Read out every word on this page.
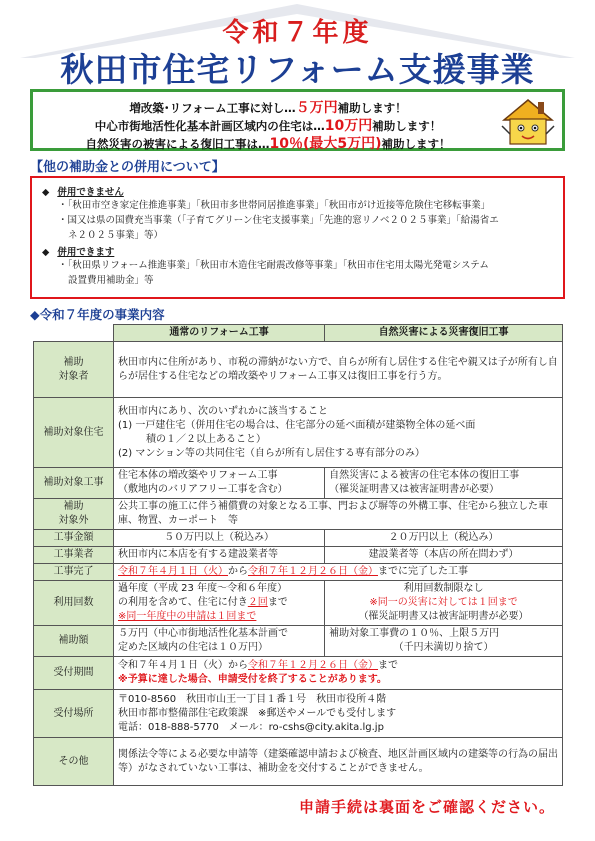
令和７年度
秋田市住宅リフォーム支援事業
増改築･リフォーム工事に対し…５万円補助します！
中心市街地活性化基本計画区域内の住宅は…10万円補助します！
自然災害の被害による復旧工事は…10％(最大5万円)補助します！
【他の補助金との併用について】
◆ 併用できません
・「秋田市空き家定住推進事業」「秋田市多世帯同居推進事業」「秋田市がけ近接等危険住宅移転事業」
・国又は県の国費充当事業（「子育てグリーン住宅支援事業」「先進的窓リノベ２０２５事業」「給湯省エ
ネ２０２５事業」等）
◆ 併用できます
・「秋田県リフォーム推進事業」「秋田市木造住宅耐震改修等事業」「秋田市住宅用太陽光発電システム
設置費用補助金」等
◆令和７年度の事業内容
	通常のリフォーム工事	自然災害による災害復旧工事
補助
対象者	秋田市内に住所があり、市税の滞納がない方で、自らが所有し居住する住宅や親又は子が所有し自らが居住する住宅などの増改築やリフォーム工事又は復旧工事を行う方。	
補助対象住宅	秋田市内にあり、次のいずれかに該当すること
(1) 一戸建住宅（併用住宅の場合は、住宅部分の延べ面積が建築物全体の延べ面

積の１／２以上あること）
(2) マンション等の共同住宅（自らが所有し居住する専有部分のみ）	
補助対象工事	住宅本体の増改築やリフォーム工事
（敷地内のバリアフリー工事を含む）	自然災害による被害の住宅本体の復旧工事
（罹災証明書又は被害証明書が必要）
補助
対象外	公共工事の施工に伴う補償費の対象となる工事、門および塀等の外構工事、住宅から独立した車庫、物置、カーポート　等	
工事金額	５０万円以上（税込み）	２０万円以上（税込み）
工事業者	秋田市内に本店を有する建設業者等	建設業者等（本店の所在問わず）
工事完了	令和７年４月１日（火）から令和７年１２月２６日（金）までに完了した工事	
利用回数	過年度（平成 23 年度～令和６年度）
の利用を含めて、住宅に付き２回まで
※同一年度中の申請は１回まで	利用回数制限なし
※同一の災害に対しては１回まで
（罹災証明書又は被害証明書が必要）
補助額	５万円（中心市街地活性化基本計画で
定めた区域内の住宅は１０万円）	補助対象工事費の１０％、上限５万円

（千円未満切り捨て）

受付期間	令和７年４月１日（火）から令和７年１２月２６日（金）まで
※予算に達した場合、申請受付を終了することがあります。	
受付場所	〒010-8560　秋田市山王一丁目１番１号　秋田市役所４階
秋田市都市整備部住宅政策課　※郵送やメールでも受付します
電話：018-888-5770　メール：ro-cshs@city.akita.lg.jp	
その他	関係法令等による必要な申請等（建築確認申請および検査、地区計画区域内の建築等の行為の届出等）がなされていない工事は、補助金を交付することができません。	
申請手続は裏面をご確認ください。
